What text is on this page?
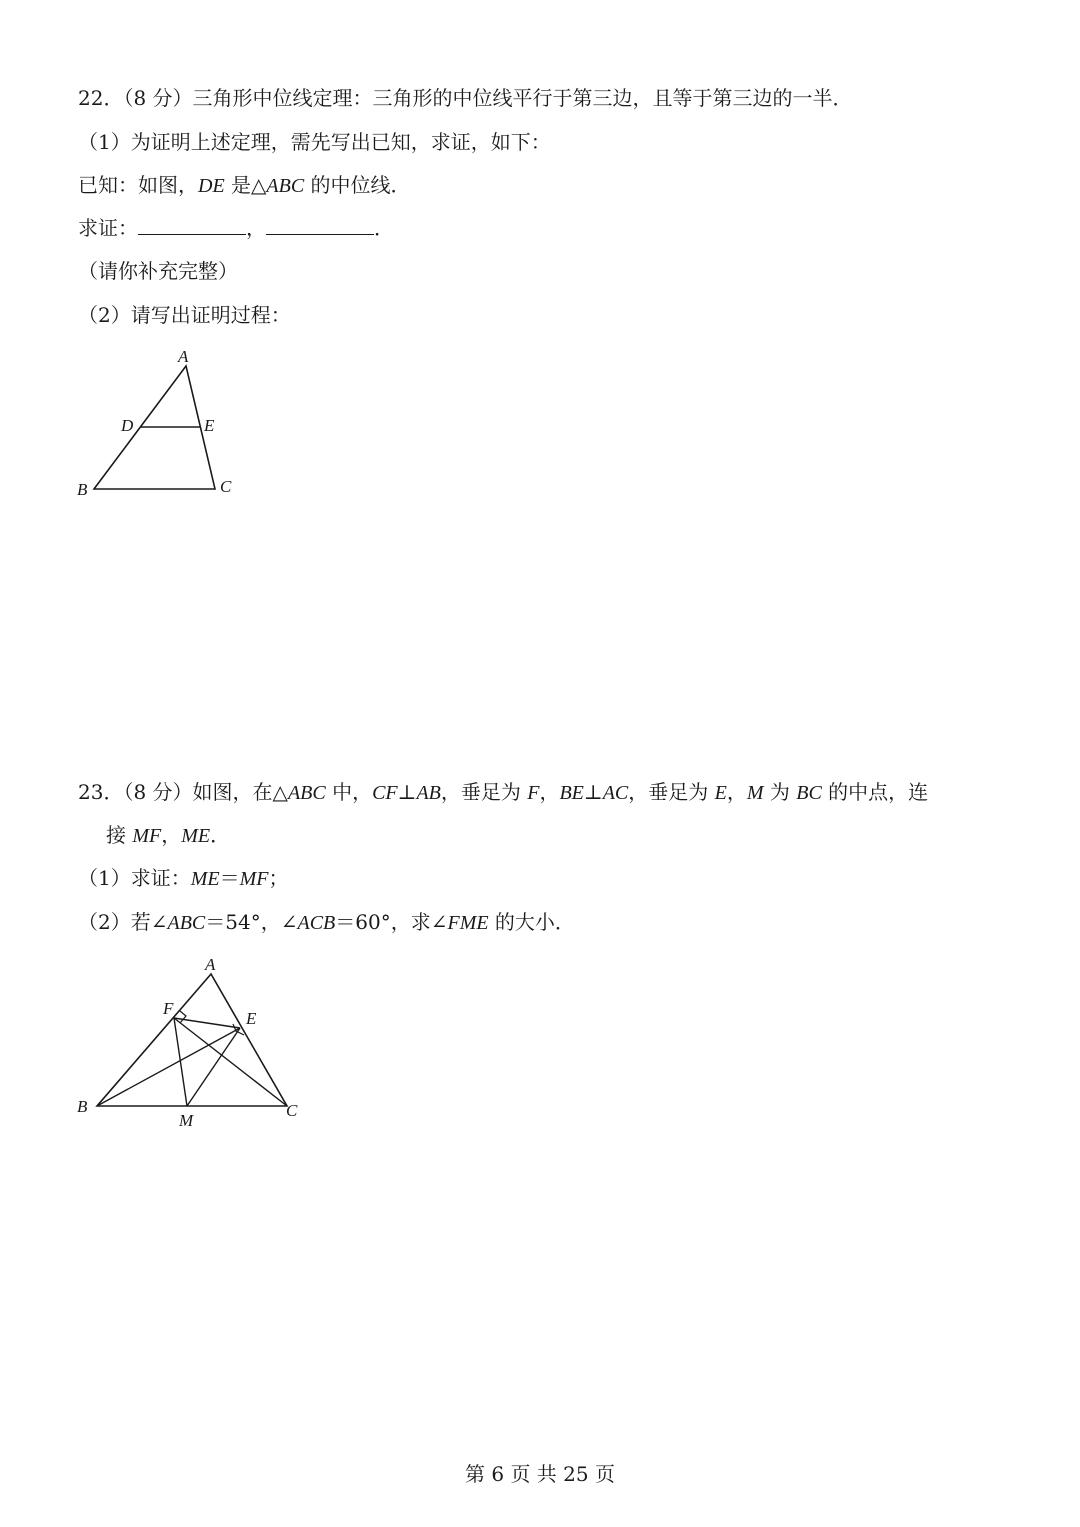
22．（8 分）三角形中位线定理：三角形的中位线平行于第三边，且等于第三边的一半．
（1）为证明上述定理，需先写出已知，求证，如下：
已知：如图，DE 是△ABC 的中位线．
求证：	，	．
（请你补充完整）
（2）请写出证明过程：
A
D	E
B	C
23．（8 分）如图，在△ABC 中，CF⊥AB，垂足为 F，BE⊥AC，垂足为 E，M 为 BC 的中点，连
接 MF，ME．
（1）求证：ME＝MF；
（2）若∠ABC＝54°，∠ACB＝60°，求∠FME 的大小．
A
F
E
B
M
C
第 6 页 共 25 页
